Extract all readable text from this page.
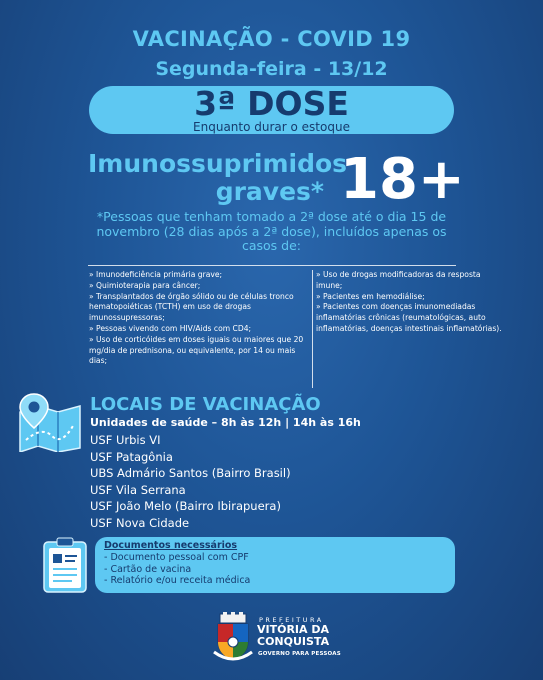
VACINAÇÃO - COVID 19
Segunda-feira - 13/12
3ª DOSE
Enquanto durar o estoque
Imunossuprimidos
graves* 18+
*Pessoas que tenham tomado a 2ª dose até o dia 15 de novembro (28 dias após a 2ª dose), incluídos apenas os casos de:
» Imunodeficiência primária grave;
» Quimioterapia para câncer;
» Transplantados de órgão sólido ou de células tronco hematopoiéticas (TCTH) em uso de drogas imunossupressoras;
» Pessoas vivendo com HIV/Aids com CD4;
» Uso de corticóides em doses iguais ou maiores que 20 mg/dia de prednisona, ou equivalente, por 14 ou mais dias;
» Uso de drogas modificadoras da resposta imune;
» Pacientes em hemodiálise;
» Pacientes com doenças imunomediadas inflamatórias crônicas (reumatológicas, auto inflamatórias, doenças intestinais inflamatórias).
LOCAIS DE VACINAÇÃO
Unidades de saúde – 8h às 12h | 14h às 16h
USF Urbis VI
USF Patagônia
UBS Admário Santos (Bairro Brasil)
USF Vila Serrana
USF João Melo (Bairro Ibirapuera)
USF Nova Cidade
Documentos necessários
- Documento pessoal com CPF
- Cartão de vacina
- Relatório e/ou receita médica
PREFEITURA
VITÓRIA DA
CONQUISTA
GOVERNO PARA PESSOAS
